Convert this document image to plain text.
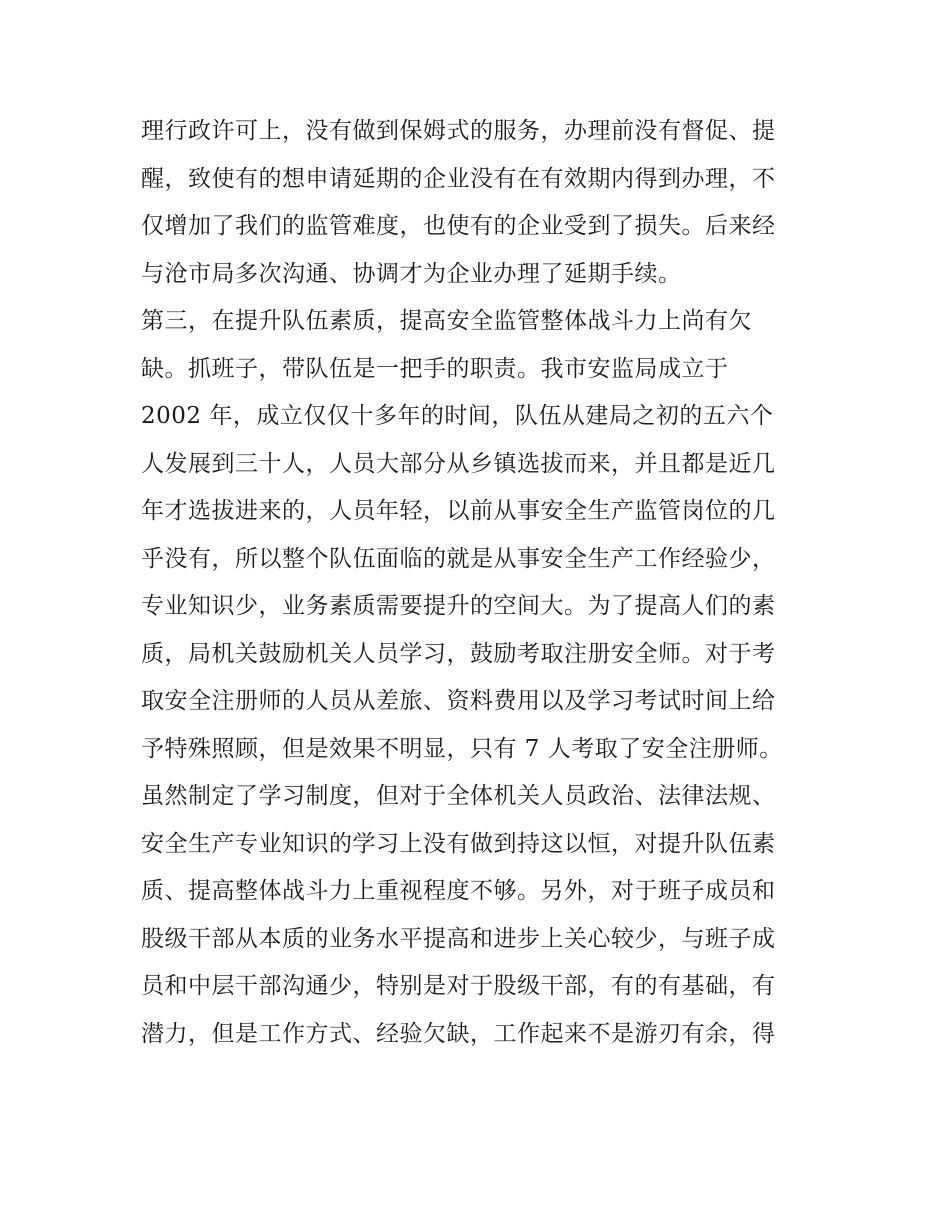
理行政许可上，没有做到保姆式的服务，办理前没有督促、提
醒，致使有的想申请延期的企业没有在有效期内得到办理，不
仅增加了我们的监管难度，也使有的企业受到了损失。后来经
与沧市局多次沟通、协调才为企业办理了延期手续。
第三，在提升队伍素质，提高安全监管整体战斗力上尚有欠
缺。抓班子，带队伍是一把手的职责。我市安监局成立于
2002 年，成立仅仅十多年的时间，队伍从建局之初的五六个
人发展到三十人，人员大部分从乡镇选拔而来，并且都是近几
年才选拔进来的，人员年轻，以前从事安全生产监管岗位的几
乎没有，所以整个队伍面临的就是从事安全生产工作经验少，
专业知识少，业务素质需要提升的空间大。为了提高人们的素
质，局机关鼓励机关人员学习，鼓励考取注册安全师。对于考
取安全注册师的人员从差旅、资料费用以及学习考试时间上给
予特殊照顾，但是效果不明显，只有 7 人考取了安全注册师。
虽然制定了学习制度，但对于全体机关人员政治、法律法规、
安全生产专业知识的学习上没有做到持这以恒，对提升队伍素
质、提高整体战斗力上重视程度不够。另外，对于班子成员和
股级干部从本质的业务水平提高和进步上关心较少，与班子成
员和中层干部沟通少，特别是对于股级干部，有的有基础，有
潜力，但是工作方式、经验欠缺，工作起来不是游刃有余，得
